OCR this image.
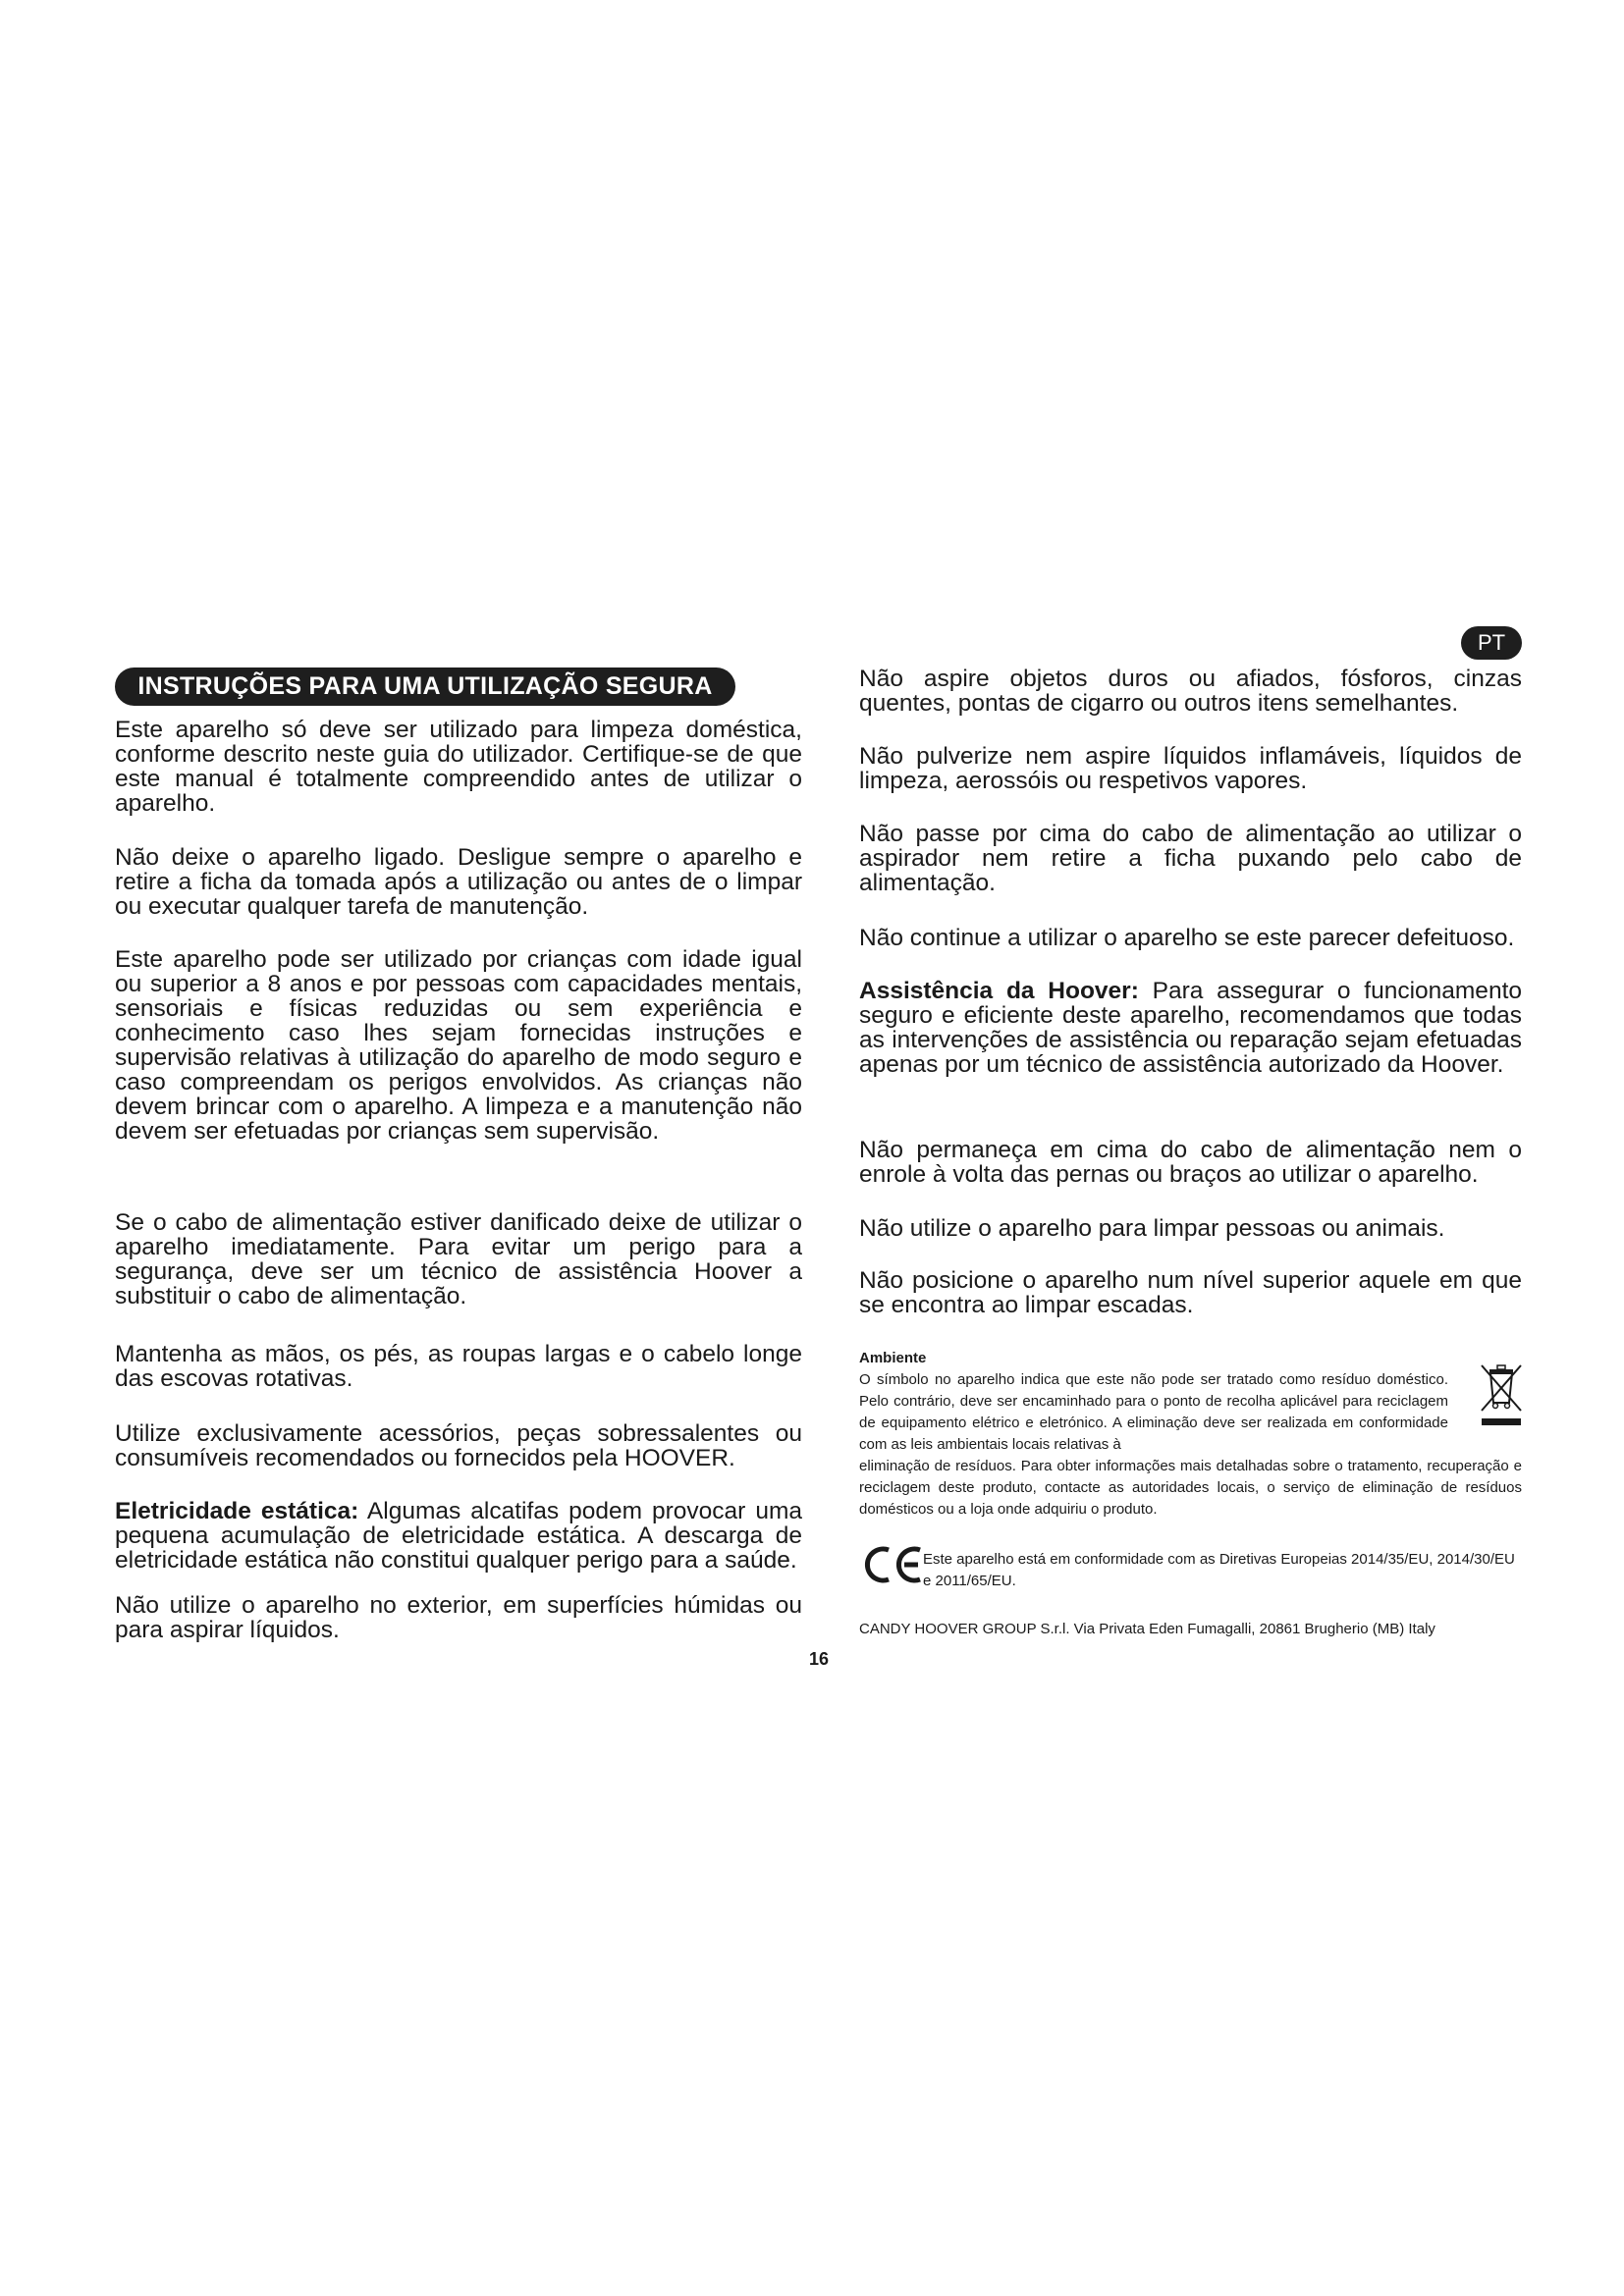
INSTRUÇÕES PARA UMA UTILIZAÇÃO SEGURA
PT

Este aparelho só deve ser utilizado para limpeza doméstica, conforme descrito neste guia do utilizador. Certifique-se de que este manual é totalmente compreendido antes de utilizar o aparelho.

Não deixe o aparelho ligado. Desligue sempre o aparelho e retire a ficha da tomada após a utilização ou antes de o limpar ou executar qualquer tarefa de manutenção.

Este aparelho pode ser utilizado por crianças com idade igual ou superior a 8 anos e por pessoas com capacidades mentais, sensoriais e físicas reduzidas ou sem experiência e conhecimento caso lhes sejam fornecidas instruções e supervisão relativas à utilização do aparelho de modo seguro e caso compreendam os perigos envolvidos. As crianças não devem brincar com o aparelho. A limpeza e a manutenção não devem ser efetuadas por crianças sem supervisão.

Se o cabo de alimentação estiver danificado deixe de utilizar o aparelho imediatamente. Para evitar um perigo para a segurança, deve ser um técnico de assistência Hoover a substituir o cabo de alimentação.

Mantenha as mãos, os pés, as roupas largas e o cabelo longe das escovas rotativas.

Utilize exclusivamente acessórios, peças sobressalentes ou consumíveis recomendados ou fornecidos pela HOOVER.

Eletricidade estática: Algumas alcatifas podem provocar uma pequena acumulação de eletricidade estática. A descarga de eletricidade estática não constitui qualquer perigo para a saúde.

Não utilize o aparelho no exterior, em superfícies húmidas ou para aspirar líquidos.

Não aspire objetos duros ou afiados, fósforos, cinzas quentes, pontas de cigarro ou outros itens semelhantes.

Não pulverize nem aspire líquidos inflamáveis, líquidos de limpeza, aerossóis ou respetivos vapores.

Não passe por cima do cabo de alimentação ao utilizar o aspirador nem retire a ficha puxando pelo cabo de alimentação.

Não continue a utilizar o aparelho se este parecer defeituoso.

Assistência da Hoover: Para assegurar o funcionamento seguro e eficiente deste aparelho, recomendamos que todas as intervenções de assistência ou reparação sejam efetuadas apenas por um técnico de assistência autorizado da Hoover.

Não permaneça em cima do cabo de alimentação nem o enrole à volta das pernas ou braços ao utilizar o aparelho.

Não utilize o aparelho para limpar pessoas ou animais.

Não posicione o aparelho num nível superior aquele em que se encontra ao limpar escadas.

Ambiente

O símbolo no aparelho indica que este não pode ser tratado como resíduo doméstico. Pelo contrário, deve ser encaminhado para o ponto de recolha aplicável para reciclagem de equipamento elétrico e eletrónico. A eliminação deve ser realizada em conformidade com as leis ambientais locais relativas à
eliminação de resíduos. Para obter informações mais detalhadas sobre o tratamento, recuperação e reciclagem deste produto, contacte as autoridades locais, o serviço de eliminação de resíduos domésticos ou a loja onde adquiriu o produto.

Este aparelho está em conformidade com as Diretivas Europeias 2014/35/EU, 2014/30/EU e 2011/65/EU.

CANDY HOOVER GROUP S.r.l. Via Privata Eden Fumagalli, 20861 Brugherio (MB) Italy

16
